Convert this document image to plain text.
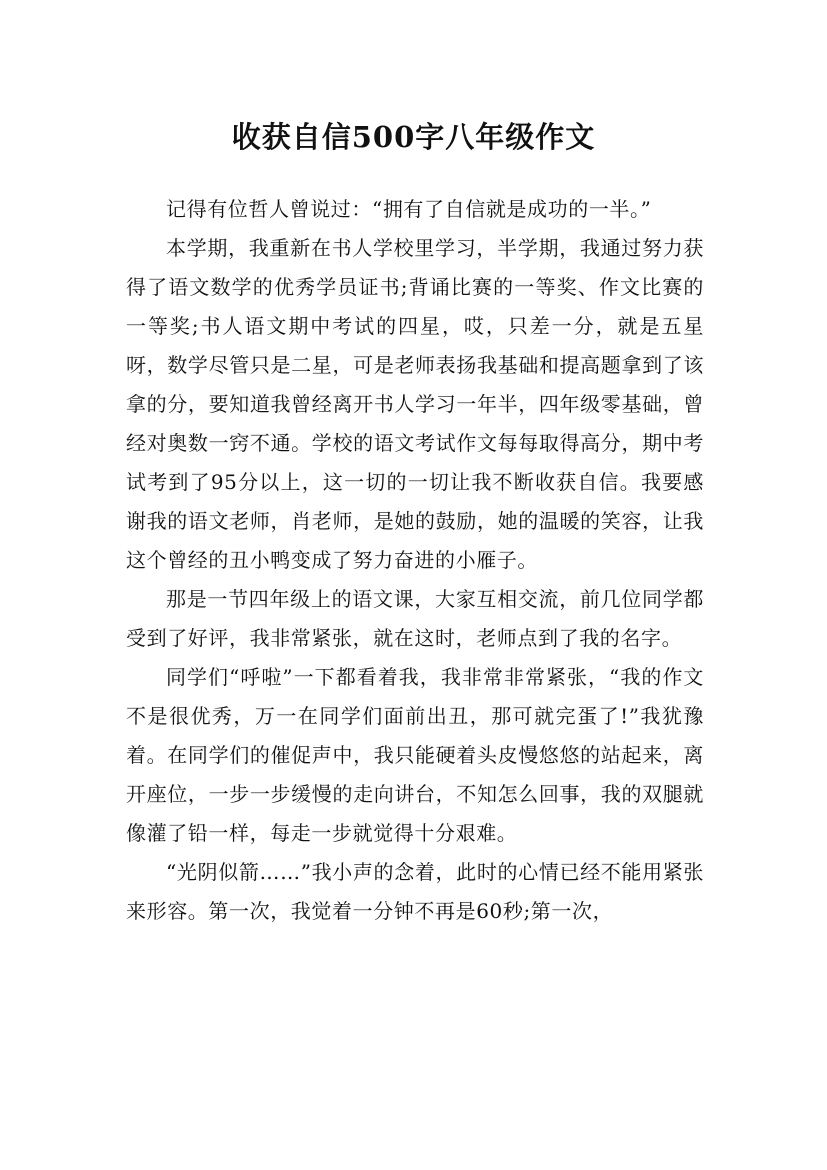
收获自信500字八年级作文

记得有位哲人曾说过：“拥有了自信就是成功的一半。”

本学期，我重新在书人学校里学习，半学期，我通过努力获得了语文数学的优秀学员证书;背诵比赛的一等奖、作文比赛的一等奖;书人语文期中考试的四星，哎，只差一分，就是五星呀，数学尽管只是二星，可是老师表扬我基础和提高题拿到了该拿的分，要知道我曾经离开书人学习一年半，四年级零基础，曾经对奥数一窍不通。学校的语文考试作文每每取得高分，期中考试考到了95分以上，这一切的一切让我不断收获自信。我要感谢我的语文老师，肖老师，是她的鼓励，她的温暖的笑容，让我这个曾经的丑小鸭变成了努力奋进的小雁子。

那是一节四年级上的语文课，大家互相交流，前几位同学都受到了好评，我非常紧张，就在这时，老师点到了我的名字。

同学们“呼啦”一下都看着我，我非常非常紧张，“我的作文不是很优秀，万一在同学们面前出丑，那可就完蛋了!”我犹豫着。在同学们的催促声中，我只能硬着头皮慢悠悠的站起来，离开座位，一步一步缓慢的走向讲台，不知怎么回事，我的双腿就像灌了铅一样，每走一步就觉得十分艰难。

“光阴似箭……”我小声的念着，此时的心情已经不能用紧张来形容。第一次，我觉着一分钟不再是60秒;第一次，
